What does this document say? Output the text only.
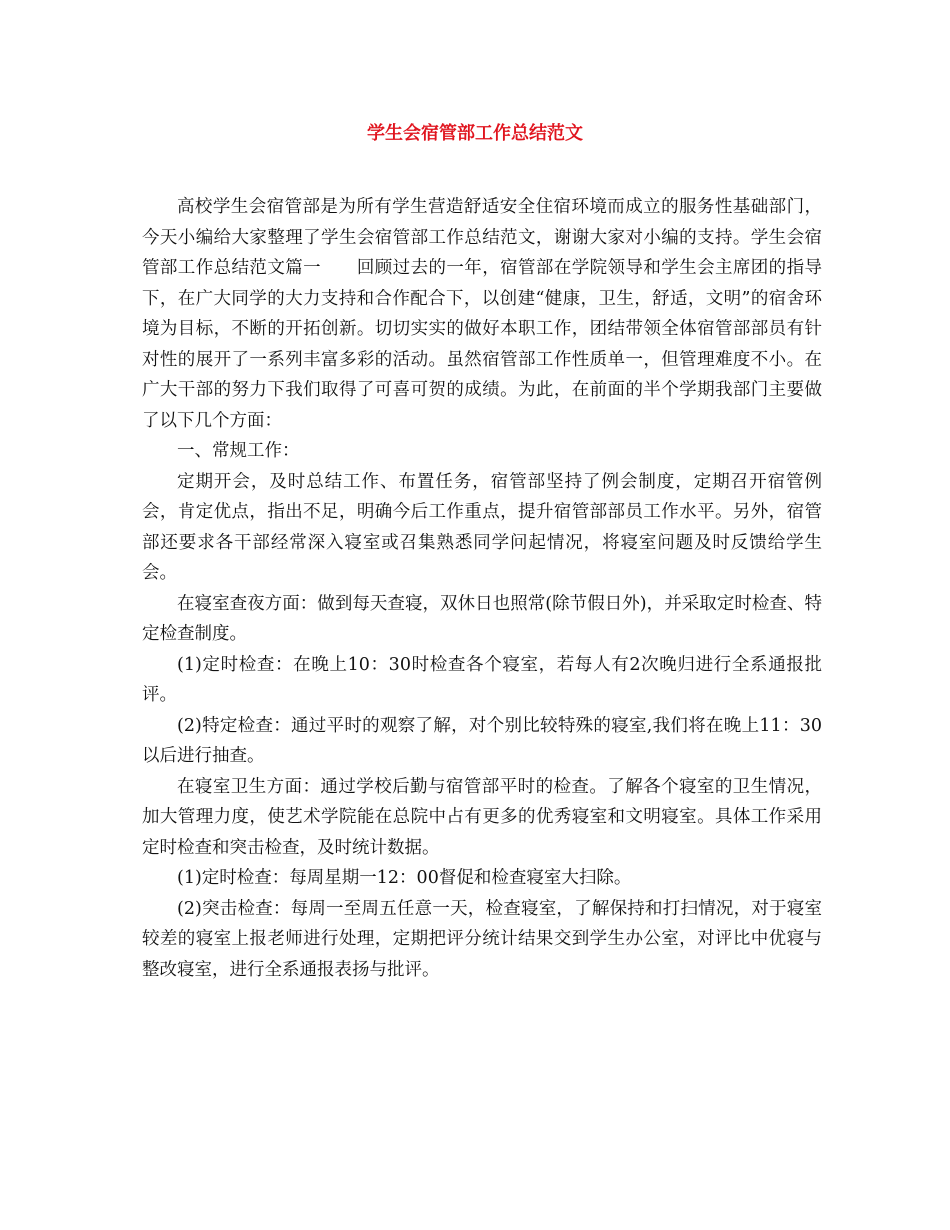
学生会宿管部工作总结范文

高校学生会宿管部是为所有学生营造舒适安全住宿环境而成立的服务性基础部门，今天小编给大家整理了学生会宿管部工作总结范文，谢谢大家对小编的支持。学生会宿管部工作总结范文篇一　　回顾过去的一年，宿管部在学院领导和学生会主席团的指导下，在广大同学的大力支持和合作配合下，以创建“健康，卫生，舒适，文明”的宿舍环境为目标，不断的开拓创新。切切实实的做好本职工作，团结带领全体宿管部部员有针对性的展开了一系列丰富多彩的活动。虽然宿管部工作性质单一，但管理难度不小。在广大干部的努力下我们取得了可喜可贺的成绩。为此，在前面的半个学期我部门主要做了以下几个方面：

一、常规工作：

定期开会，及时总结工作、布置任务，宿管部坚持了例会制度，定期召开宿管例会，肯定优点，指出不足，明确今后工作重点，提升宿管部部员工作水平。另外，宿管部还要求各干部经常深入寝室或召集熟悉同学问起情况，将寝室问题及时反馈给学生会。

在寝室查夜方面：做到每天查寝，双休日也照常(除节假日外)，并采取定时检查、特定检查制度。

(1)定时检查：在晚上10：30时检查各个寝室，若每人有2次晚归进行全系通报批评。

(2)特定检查：通过平时的观察了解，对个别比较特殊的寝室,我们将在晚上11：30以后进行抽查。

在寝室卫生方面：通过学校后勤与宿管部平时的检查。了解各个寝室的卫生情况，加大管理力度，使艺术学院能在总院中占有更多的优秀寝室和文明寝室。具体工作采用定时检查和突击检查，及时统计数据。

(1)定时检查：每周星期一12：00督促和检查寝室大扫除。

(2)突击检查：每周一至周五任意一天，检查寝室，了解保持和打扫情况，对于寝室较差的寝室上报老师进行处理，定期把评分统计结果交到学生办公室，对评比中优寝与整改寝室，进行全系通报表扬与批评。
